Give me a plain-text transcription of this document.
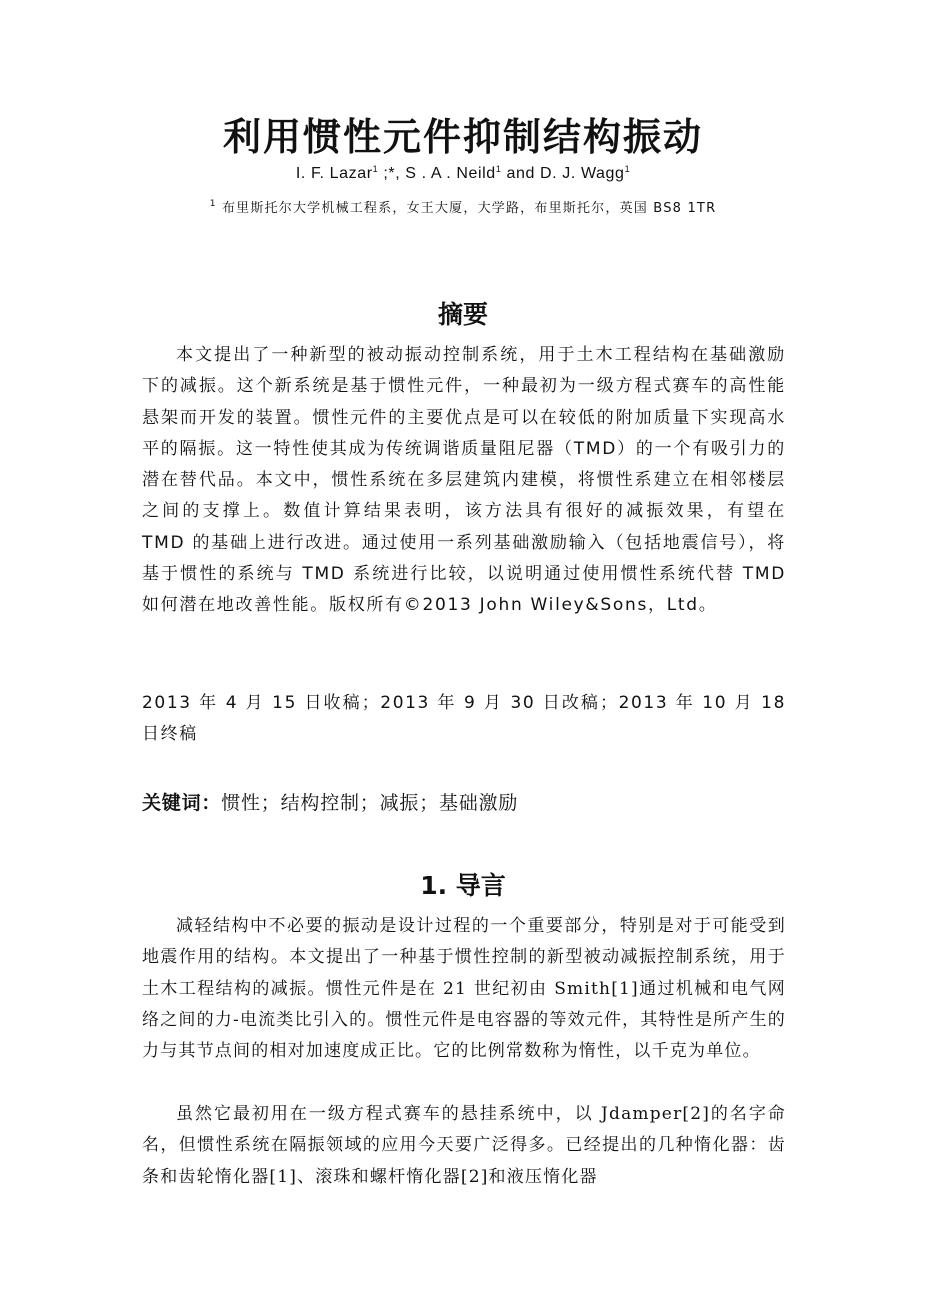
利用惯性元件抑制结构振动
I. F. Lazar$^1$ ;*, S . A . Neild$^1$ and D. J. Wagg$^1$
$^1$ 布里斯托尔大学机械工程系，女王大厦，大学路，布里斯托尔，英国 BS8 1TR
摘要

本文提出了一种新型的被动振动控制系统，用于土木工程结构在基础激励下的减振。这个新系统是基于惯性元件，一种最初为一级方程式赛车的高性能悬架而开发的装置。惯性元件的主要优点是可以在较低的附加质量下实现高水平的隔振。这一特性使其成为传统调谐质量阻尼器（TMD）的一个有吸引力的潜在替代品。本文中，惯性系统在多层建筑内建模，将惯性系建立在相邻楼层之间的支撑上。数值计算结果表明，该方法具有很好的减振效果，有望在 TMD 的基础上进行改进。通过使用一系列基础激励输入（包括地震信号），将基于惯性的系统与 TMD 系统进行比较，以说明通过使用惯性系统代替 TMD 如何潜在地改善性能。版权所有©2013 John Wiley&Sons，Ltd。

2013 年 4 月 15 日收稿；2013 年 9 月 30 日改稿；2013 年 10 月 18 日终稿

关键词：惯性；结构控制；减振；基础激励
1. 导言

减轻结构中不必要的振动是设计过程的一个重要部分，特别是对于可能受到地震作用的结构。本文提出了一种基于惯性控制的新型被动减振控制系统，用于土木工程结构的减振。惯性元件是在 21 世纪初由 Smith[1]通过机械和电气网络之间的力-电流类比引入的。惯性元件是电容器的等效元件，其特性是所产生的力与其节点间的相对加速度成正比。它的比例常数称为惰性，以千克为单位。

虽然它最初用在一级方程式赛车的悬挂系统中，以 Jdamper[2]的名字命名，但惯性系统在隔振领域的应用今天要广泛得多。已经提出的几种惰化器：齿条和齿轮惰化器[1]、滚珠和螺杆惰化器[2]和液压惰化器
